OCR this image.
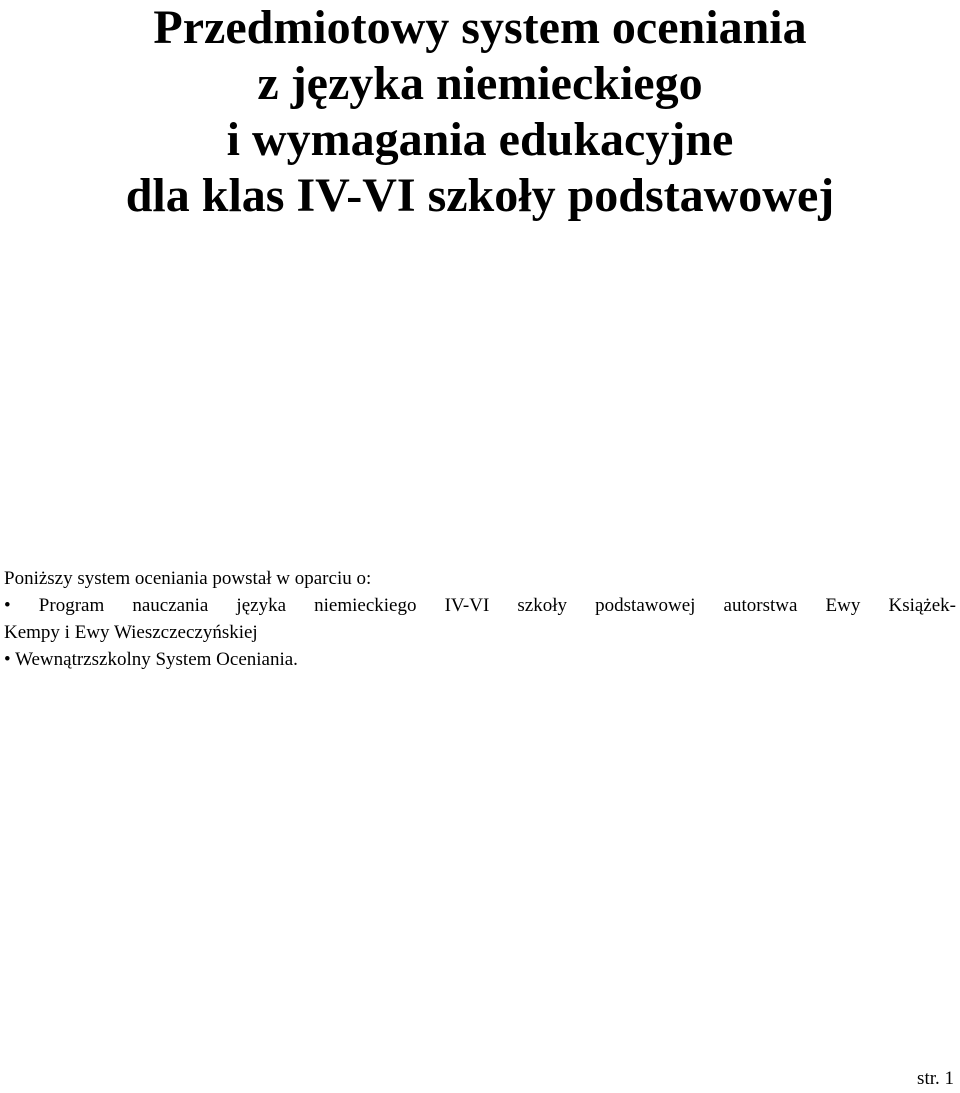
Przedmiotowy system oceniania
z języka niemieckiego
i wymagania edukacyjne
dla klas IV-VI szkoły podstawowej
Poniższy system oceniania powstał w oparciu o:
• Program nauczania języka niemieckiego IV-VI szkoły podstawowej autorstwa Ewy Książek-
Kempy i Ewy Wieszczeczyńskiej
• Wewnątrzszkolny System Oceniania.
str. 1
